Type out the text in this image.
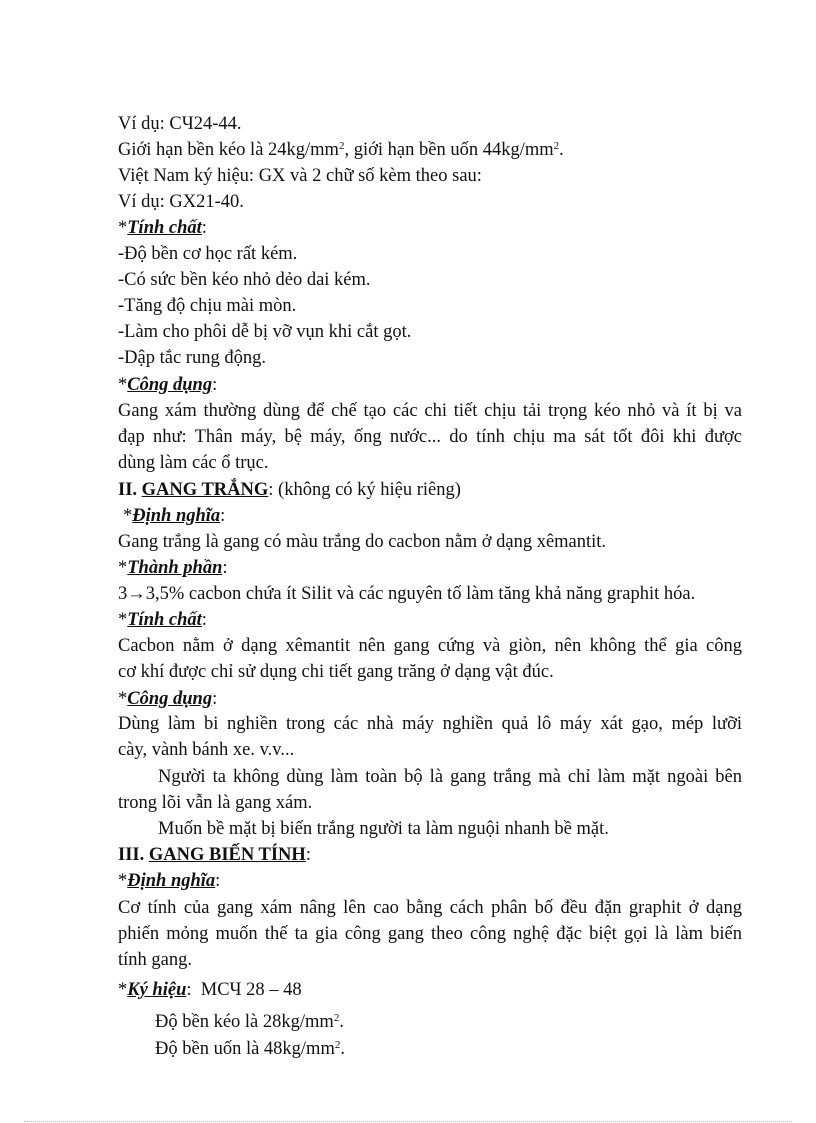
Ví dụ: CЧ24-44.
Giới hạn bền kéo là $24kg/mm^2$, giới hạn bền uốn $44kg/mm^2$.
Việt Nam ký hiệu: GX và 2 chữ số kèm theo sau:
Ví dụ: GX21-40.
*Tính chất:
-Độ bền cơ học rất kém.
-Có sức bền kéo nhỏ dẻo dai kém.
-Tăng độ chịu mài mòn.
-Làm cho phôi dễ bị vỡ vụn khi cắt gọt.
-Dập tắc rung động.
*Công dụng:
Gang xám thường dùng để chế tạo các chi tiết chịu tải trọng kéo nhỏ và ít bị va
đạp như: Thân máy, bệ máy, ống nước... do tính chịu ma sát tốt đôi khi được
dùng làm các ổ trục.
II. GANG TRẮNG: (không có ký hiệu riêng)
*Định nghĩa:
Gang trắng là gang có màu trắng do cacbon nằm ở dạng xêmantit.
*Thành phần:
3→3,5% cacbon chứa ít Silit và các nguyên tố làm tăng khả năng graphit hóa.
*Tính chất:
Cacbon nằm ở dạng xêmantit nên gang cứng và giòn, nên không thể gia công
cơ khí được chỉ sử dụng chi tiết gang trăng ở dạng vật đúc.
*Công dụng:
Dùng làm bi nghiền trong các nhà máy nghiền quả lô máy xát gạo, mép lưỡi
cày, vành bánh xe. v.v...
Người ta không dùng làm toàn bộ là gang trắng mà chỉ làm mặt ngoài bên
trong lõi vẫn là gang xám.
Muốn bề mặt bị biến trắng người ta làm nguội nhanh bề mặt.
III. GANG BIẾN TÍNH:
*Định nghĩa:
Cơ tính của gang xám nâng lên cao bằng cách phân bố đều đặn graphit ở dạng
phiến mỏng muốn thế ta gia công gang theo công nghệ đặc biệt gọi là làm biến
tính gang.
*Ký hiệu:  MCЧ 28 – 48
Độ bền kéo là $28kg/mm^2$.
Độ bền uốn là $48kg/mm^2$.
